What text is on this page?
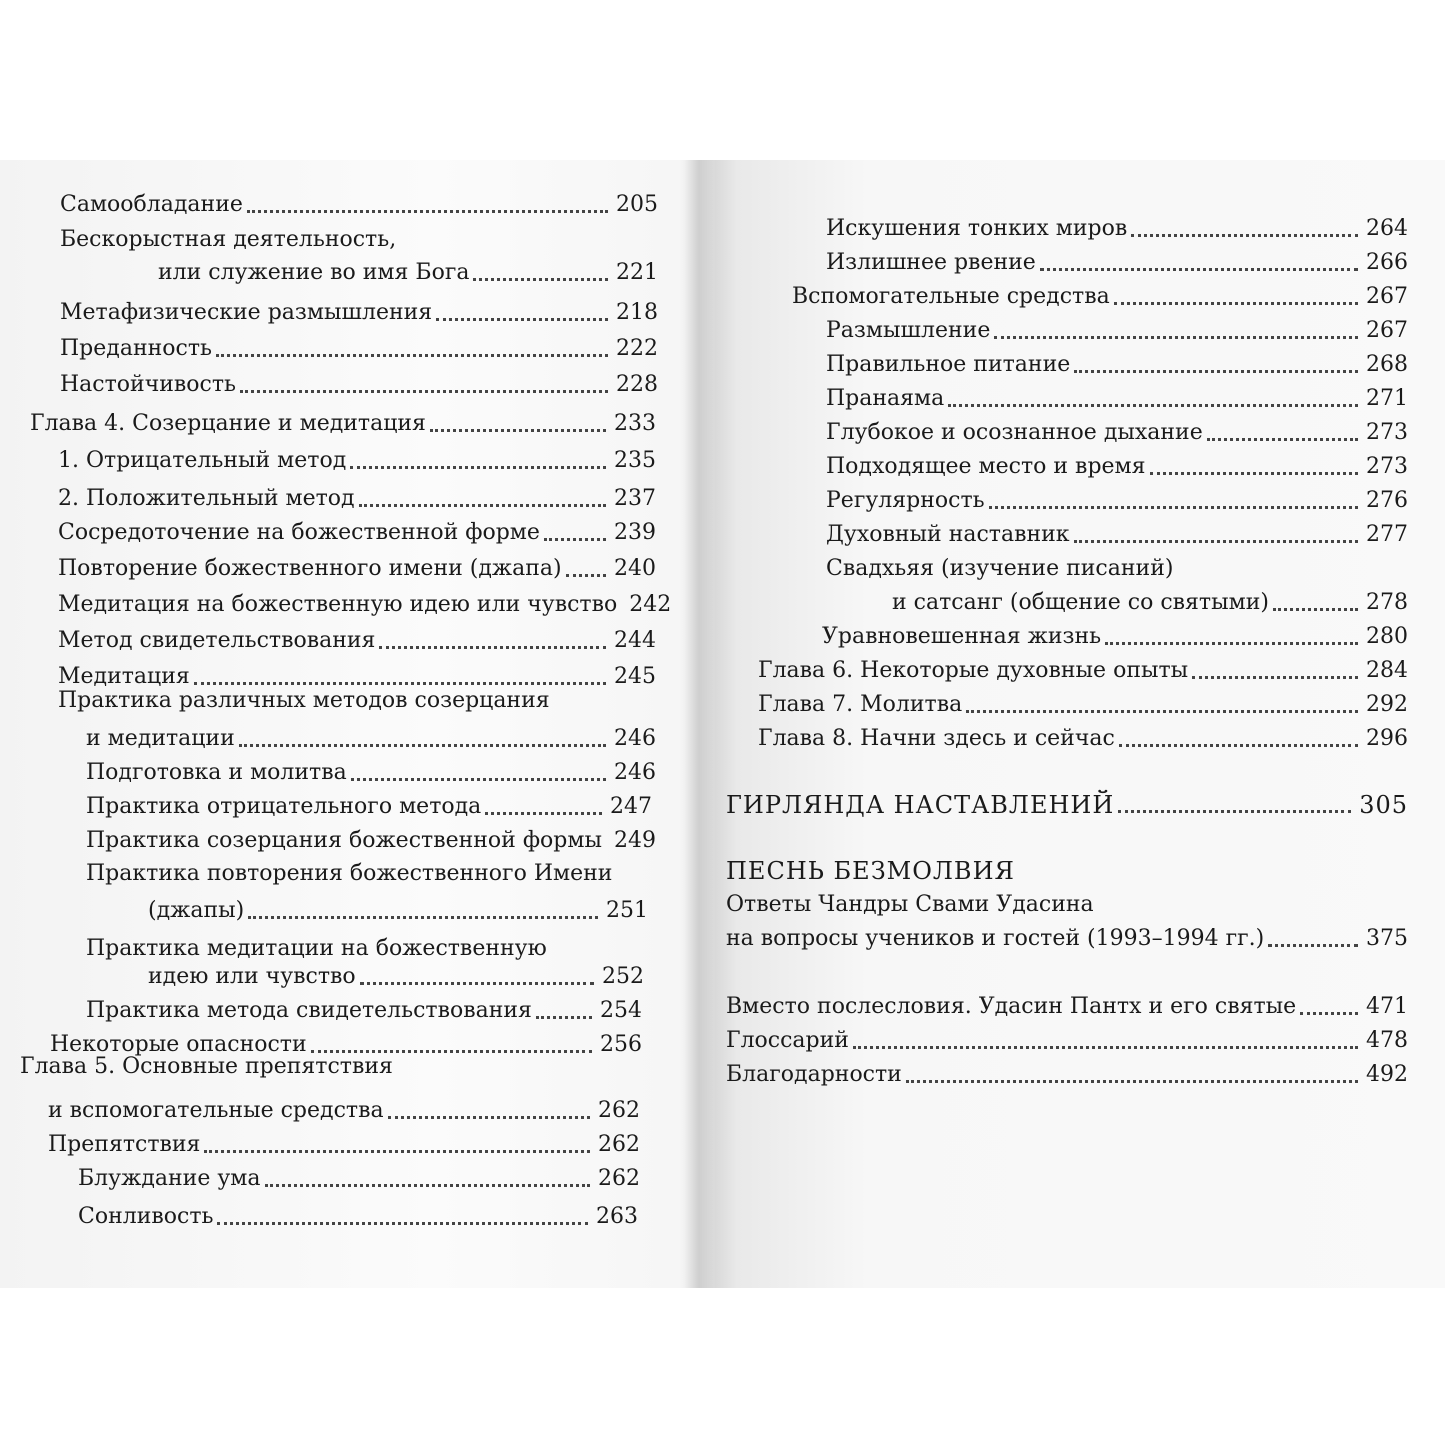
Самообладание	205
Бескорыстная деятельность,
или служение во имя Бога	221
Метафизические размышления	218
Преданность	222
Настойчивость	228
Глава 4. Созерцание и медитация	233
1. Отрицательный метод	235
2. Положительный метод	237
Сосредоточение на божественной форме	239
Повторение божественного имени (джапа) 240
Медитация на божественную идею или чувство 242
Метод свидетельствования	244
Медитация	245
Практика различных методов созерцания
и медитации	246
Подготовка и молитва	246
Практика отрицательного метода	247
Практика созерцания божественной формы 249
Практика повторения божественного Имени
(джапы)	251
Практика медитации на божественную
идею или чувство	252
Практика метода свидетельствования	254
Некоторые опасности	256
Глава 5. Основные препятствия
и вспомогательные средства	262
Препятствия	262
Блуждание ума	262
Сонливость	263
Искушения тонких миров	264
Излишнее рвение	266
Вспомогательные средства	267
Размышление	267
Правильное питание	268
Пранаяма	271
Глубокое и осознанное дыхание	273
Подходящее место и время	273
Регулярность	276
Духовный наставник	277
Свадхьяя (изучение писаний)
и сатсанг (общение со святыми)	278
Уравновешенная жизнь	280
Глава 6. Некоторые духовные опыты	284
Глава 7. Молитва	292
Глава 8. Начни здесь и сейчас	296
ГИРЛЯНДА НАСТАВЛЕНИЙ	305
ПЕСНЬ БЕЗМОЛВИЯ
Ответы Чандры Свами Удасина
на вопросы учеников и гостей (1993–1994 гг.)	375
Вместо послесловия. Удасин Пантх и его святые	471
Глоссарий	478
Благодарности	492
